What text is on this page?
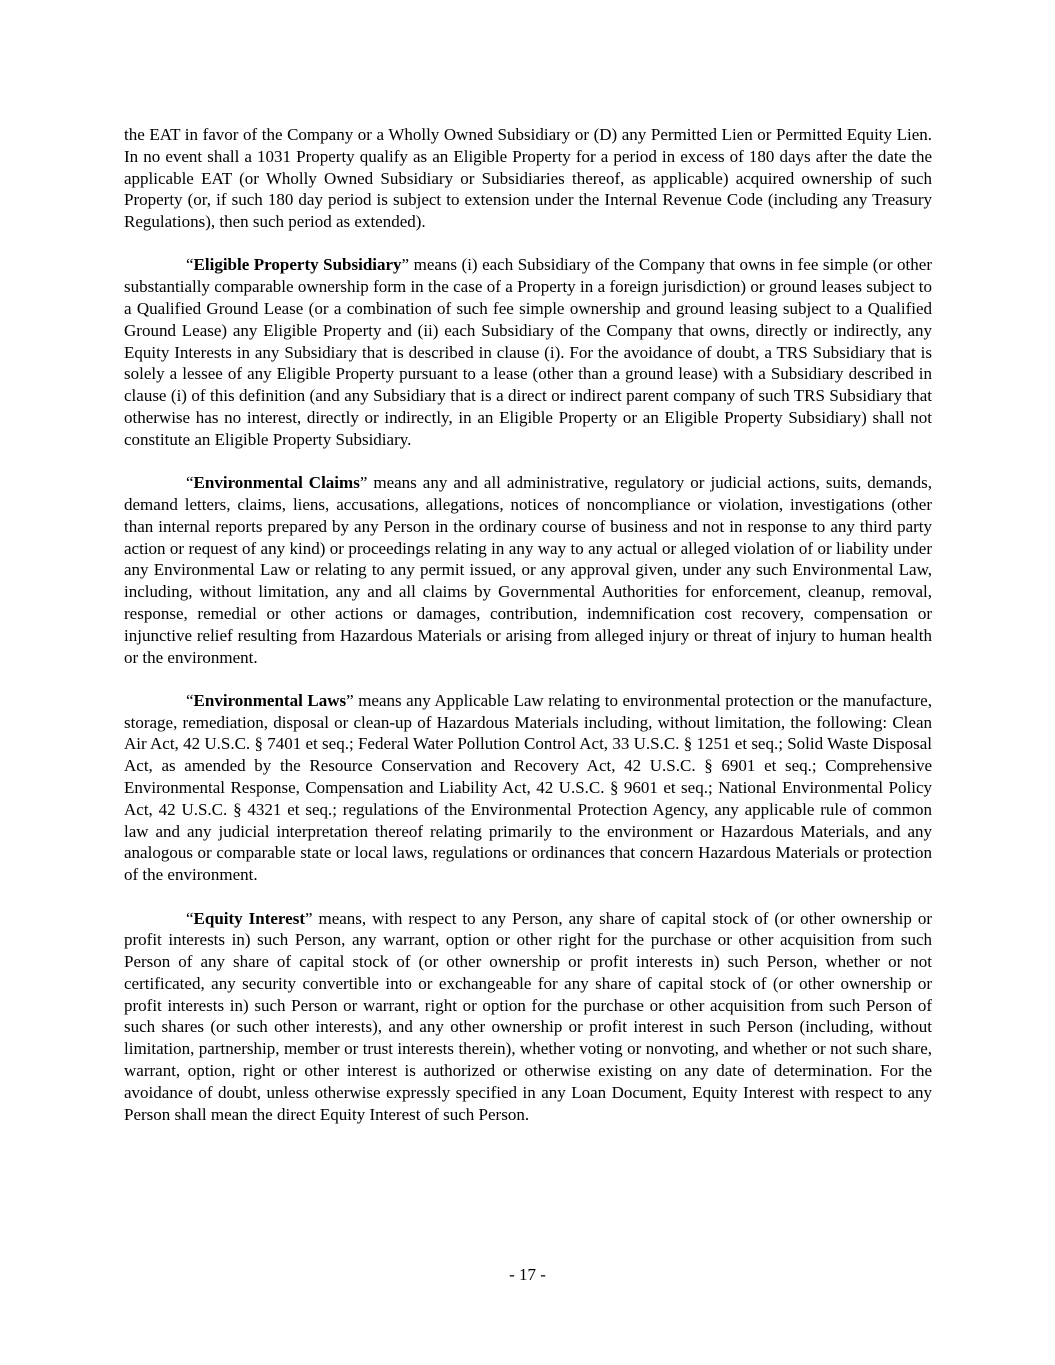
the EAT in favor of the Company or a Wholly Owned Subsidiary or (D) any Permitted Lien or Permitted Equity Lien. In no event shall a 1031 Property qualify as an Eligible Property for a period in excess of 180 days after the date the applicable EAT (or Wholly Owned Subsidiary or Subsidiaries thereof, as applicable) acquired ownership of such Property (or, if such 180 day period is subject to extension under the Internal Revenue Code (including any Treasury Regulations), then such period as extended).

“Eligible Property Subsidiary” means (i) each Subsidiary of the Company that owns in fee simple (or other substantially comparable ownership form in the case of a Property in a foreign jurisdiction) or ground leases subject to a Qualified Ground Lease (or a combination of such fee simple ownership and ground leasing subject to a Qualified Ground Lease) any Eligible Property and (ii) each Subsidiary of the Company that owns, directly or indirectly, any Equity Interests in any Subsidiary that is described in clause (i). For the avoidance of doubt, a TRS Subsidiary that is solely a lessee of any Eligible Property pursuant to a lease (other than a ground lease) with a Subsidiary described in clause (i) of this definition (and any Subsidiary that is a direct or indirect parent company of such TRS Subsidiary that otherwise has no interest, directly or indirectly, in an Eligible Property or an Eligible Property Subsidiary) shall not constitute an Eligible Property Subsidiary.

“Environmental Claims” means any and all administrative, regulatory or judicial actions, suits, demands, demand letters, claims, liens, accusations, allegations, notices of noncompliance or violation, investigations (other than internal reports prepared by any Person in the ordinary course of business and not in response to any third party action or request of any kind) or proceedings relating in any way to any actual or alleged violation of or liability under any Environmental Law or relating to any permit issued, or any approval given, under any such Environmental Law, including, without limitation, any and all claims by Governmental Authorities for enforcement, cleanup, removal, response, remedial or other actions or damages, contribution, indemnification cost recovery, compensation or injunctive relief resulting from Hazardous Materials or arising from alleged injury or threat of injury to human health or the environment.

“Environmental Laws” means any Applicable Law relating to environmental protection or the manufacture, storage, remediation, disposal or clean-up of Hazardous Materials including, without limitation, the following: Clean Air Act, 42 U.S.C. § 7401 et seq.; Federal Water Pollution Control Act, 33 U.S.C. § 1251 et seq.; Solid Waste Disposal Act, as amended by the Resource Conservation and Recovery Act, 42 U.S.C. § 6901 et seq.; Comprehensive Environmental Response, Compensation and Liability Act, 42 U.S.C. § 9601 et seq.; National Environmental Policy Act, 42 U.S.C. § 4321 et seq.; regulations of the Environmental Protection Agency, any applicable rule of common law and any judicial interpretation thereof relating primarily to the environment or Hazardous Materials, and any analogous or comparable state or local laws, regulations or ordinances that concern Hazardous Materials or protection of the environment.

“Equity Interest” means, with respect to any Person, any share of capital stock of (or other ownership or profit interests in) such Person, any warrant, option or other right for the purchase or other acquisition from such Person of any share of capital stock of (or other ownership or profit interests in) such Person, whether or not certificated, any security convertible into or exchangeable for any share of capital stock of (or other ownership or profit interests in) such Person or warrant, right or option for the purchase or other acquisition from such Person of such shares (or such other interests), and any other ownership or profit interest in such Person (including, without limitation, partnership, member or trust interests therein), whether voting or nonvoting, and whether or not such share, warrant, option, right or other interest is authorized or otherwise existing on any date of determination. For the avoidance of doubt, unless otherwise expressly specified in any Loan Document, Equity Interest with respect to any Person shall mean the direct Equity Interest of such Person.

- 17 -
